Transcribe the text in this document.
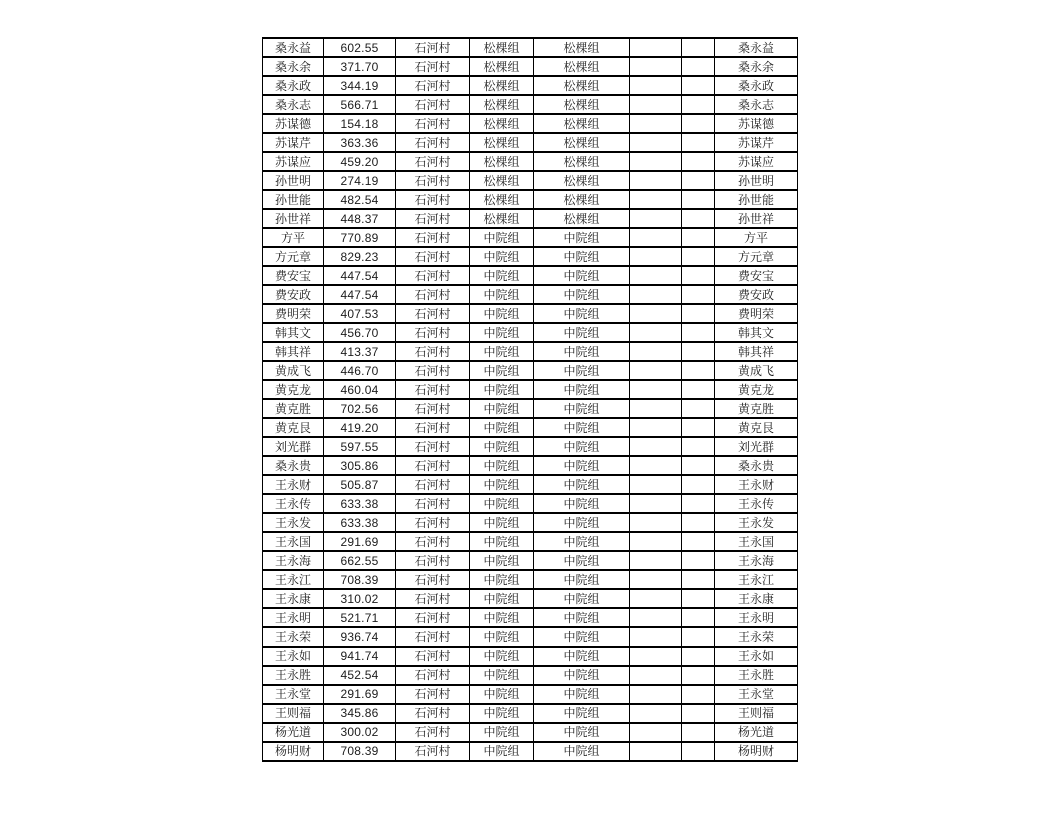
桑永益	602.55	石河村	松棵组	松棵组			桑永益
桑永余	371.70	石河村	松棵组	松棵组			桑永余
桑永政	344.19	石河村	松棵组	松棵组			桑永政
桑永志	566.71	石河村	松棵组	松棵组			桑永志
苏谋德	154.18	石河村	松棵组	松棵组			苏谋德
苏谋芹	363.36	石河村	松棵组	松棵组			苏谋芹
苏谋应	459.20	石河村	松棵组	松棵组			苏谋应
孙世明	274.19	石河村	松棵组	松棵组			孙世明
孙世能	482.54	石河村	松棵组	松棵组			孙世能
孙世祥	448.37	石河村	松棵组	松棵组			孙世祥
方平	770.89	石河村	中院组	中院组			方平
方元章	829.23	石河村	中院组	中院组			方元章
费安宝	447.54	石河村	中院组	中院组			费安宝
费安政	447.54	石河村	中院组	中院组			费安政
费明荣	407.53	石河村	中院组	中院组			费明荣
韩其文	456.70	石河村	中院组	中院组			韩其文
韩其祥	413.37	石河村	中院组	中院组			韩其祥
黄成飞	446.70	石河村	中院组	中院组			黄成飞
黄克龙	460.04	石河村	中院组	中院组			黄克龙
黄克胜	702.56	石河村	中院组	中院组			黄克胜
黄克艮	419.20	石河村	中院组	中院组			黄克艮
刘光群	597.55	石河村	中院组	中院组			刘光群
桑永贵	305.86	石河村	中院组	中院组			桑永贵
王永财	505.87	石河村	中院组	中院组			王永财
王永传	633.38	石河村	中院组	中院组			王永传
王永发	633.38	石河村	中院组	中院组			王永发
王永国	291.69	石河村	中院组	中院组			王永国
王永海	662.55	石河村	中院组	中院组			王永海
王永江	708.39	石河村	中院组	中院组			王永江
王永康	310.02	石河村	中院组	中院组			王永康
王永明	521.71	石河村	中院组	中院组			王永明
王永荣	936.74	石河村	中院组	中院组			王永荣
王永如	941.74	石河村	中院组	中院组			王永如
王永胜	452.54	石河村	中院组	中院组			王永胜
王永堂	291.69	石河村	中院组	中院组			王永堂
王则福	345.86	石河村	中院组	中院组			王则福
杨光道	300.02	石河村	中院组	中院组			杨光道
杨明财	708.39	石河村	中院组	中院组			杨明财
